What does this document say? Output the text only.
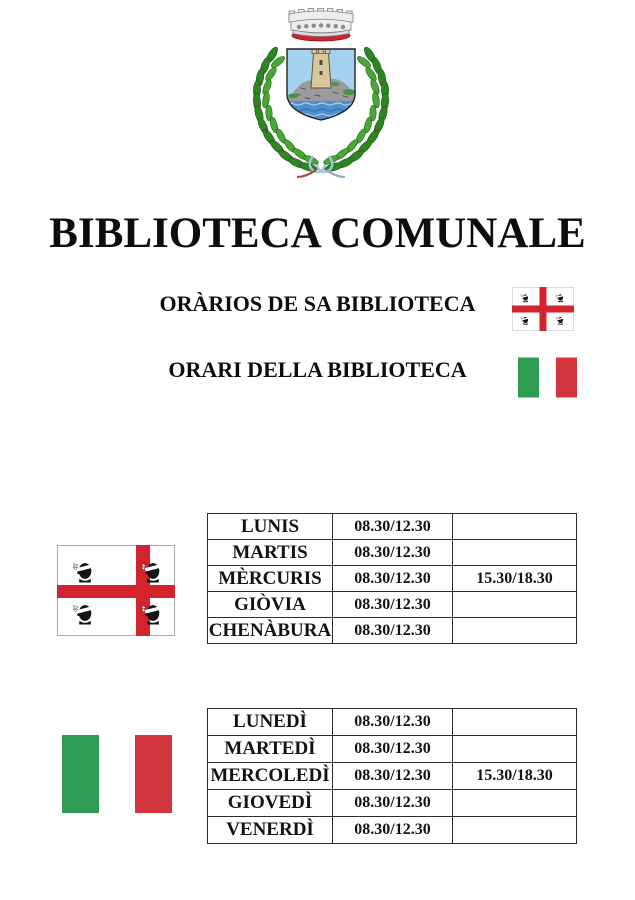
BIBLIOTECA COMUNALE

ORÀRIOS DE SA BIBLIOTECA

ORARI DELLA BIBLIOTECA

LUNIS	08.30/12.30	
MARTIS	08.30/12.30	
MÈRCURIS	08.30/12.30	15.30/18.30
GIÒVIA	08.30/12.30	
CHENÀBURA	08.30/12.30	
LUNEDÌ	08.30/12.30	
MARTEDÌ	08.30/12.30	
MERCOLEDÌ	08.30/12.30	15.30/18.30
GIOVEDÌ	08.30/12.30	
VENERDÌ	08.30/12.30	
